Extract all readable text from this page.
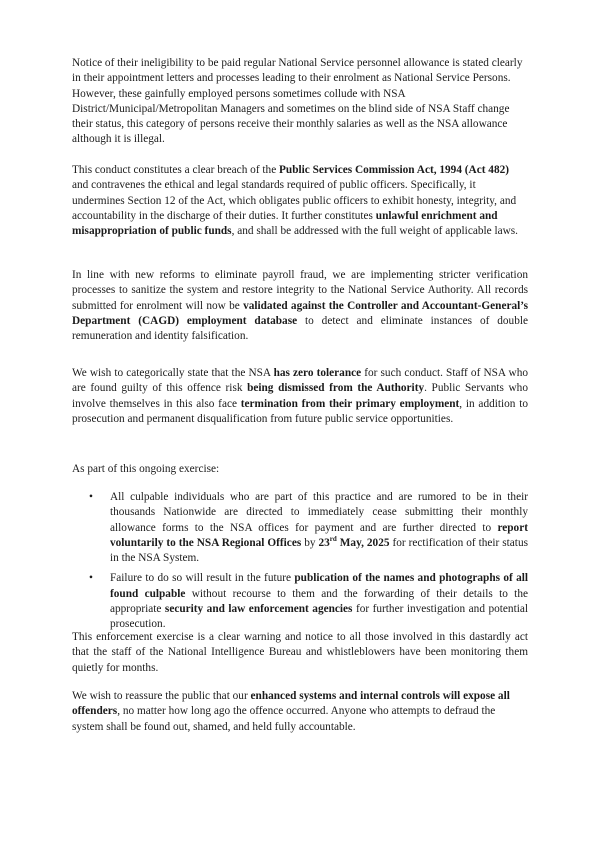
Notice of their ineligibility to be paid regular National Service personnel allowance is stated clearly in their appointment letters and processes leading to their enrolment as National Service Persons. However, these gainfully employed persons sometimes collude with NSA District/Municipal/Metropolitan Managers and sometimes on the blind side of NSA Staff change their status, this category of persons receive their monthly salaries as well as the NSA allowance although it is illegal.

This conduct constitutes a clear breach of the Public Services Commission Act, 1994 (Act 482) and contravenes the ethical and legal standards required of public officers. Specifically, it undermines Section 12 of the Act, which obligates public officers to exhibit honesty, integrity, and accountability in the discharge of their duties. It further constitutes unlawful enrichment and misappropriation of public funds, and shall be addressed with the full weight of applicable laws.

In line with new reforms to eliminate payroll fraud, we are implementing stricter verification processes to sanitize the system and restore integrity to the National Service Authority. All records submitted for enrolment will now be validated against the Controller and Accountant-General’s Department (CAGD) employment database to detect and eliminate instances of double remuneration and identity falsification.

We wish to categorically state that the NSA has zero tolerance for such conduct. Staff of NSA who are found guilty of this offence risk being dismissed from the Authority. Public Servants who involve themselves in this also face termination from their primary employment, in addition to prosecution and permanent disqualification from future public service opportunities.

As part of this ongoing exercise:

• All culpable individuals who are part of this practice and are rumored to be in their thousands Nationwide are directed to immediately cease submitting their monthly allowance forms to the NSA offices for payment and are further directed to report voluntarily to the NSA Regional Offices by 23rd May, 2025 for rectification of their status in the NSA System.
• Failure to do so will result in the future publication of the names and photographs of all found culpable without recourse to them and the forwarding of their details to the appropriate security and law enforcement agencies for further investigation and potential prosecution.

This enforcement exercise is a clear warning and notice to all those involved in this dastardly act that the staff of the National Intelligence Bureau and whistleblowers have been monitoring them quietly for months.

We wish to reassure the public that our enhanced systems and internal controls will expose all offenders, no matter how long ago the offence occurred. Anyone who attempts to defraud the system shall be found out, shamed, and held fully accountable.
